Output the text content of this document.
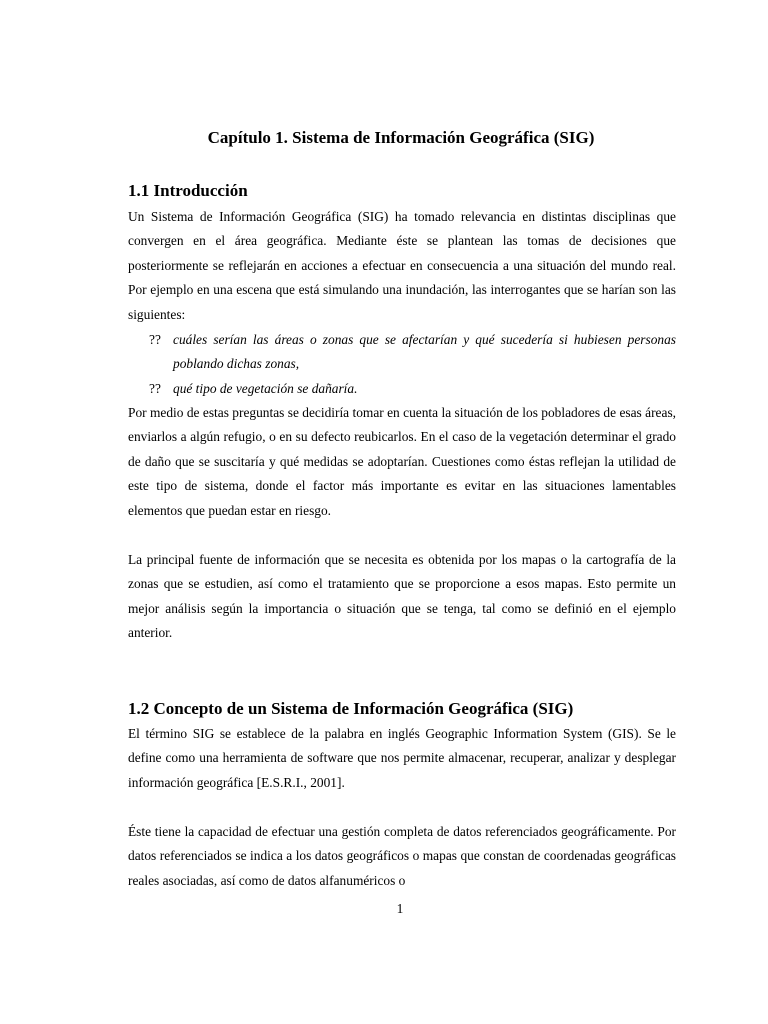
Capítulo 1. Sistema de Información Geográfica (SIG)
1.1 Introducción

Un Sistema de Información Geográfica (SIG) ha tomado relevancia en distintas disciplinas que convergen en el área geográfica. Mediante éste se plantean las tomas de decisiones que posteriormente se reflejarán en acciones a efectuar en consecuencia a una situación del mundo real. Por ejemplo en una escena que está simulando una inundación, las interrogantes que se harían son las siguientes:

?? cuáles serían las áreas o zonas que se afectarían y qué sucedería si hubiesen personas poblando dichas zonas,
?? qué tipo de vegetación se dañaría.

Por medio de estas preguntas se decidiría tomar en cuenta la situación de los pobladores de esas áreas, enviarlos a algún refugio, o en su defecto reubicarlos. En el caso de la vegetación determinar el grado de daño que se suscitaría y qué medidas se adoptarían. Cuestiones como éstas reflejan la utilidad de este tipo de sistema, donde el factor más importante es evitar en las situaciones lamentables elementos que puedan estar en riesgo.

La principal fuente de información que se necesita es obtenida por los mapas o la cartografía de la zonas que se estudien, así como el tratamiento que se proporcione a esos mapas. Esto permite un mejor análisis según la importancia o situación que se tenga, tal como se definió en el ejemplo anterior.

1.2 Concepto de un Sistema de Información Geográfica (SIG)

El término SIG se establece de la palabra en inglés Geographic Information System (GIS). Se le define como una herramienta de software que nos permite almacenar, recuperar, analizar y desplegar información geográfica [E.S.R.I., 2001].

Éste tiene la capacidad de efectuar una gestión completa de datos referenciados geográficamente. Por datos referenciados se indica a los datos geográficos o mapas que constan de coordenadas geográficas reales asociadas, así como de datos alfanuméricos o

1
